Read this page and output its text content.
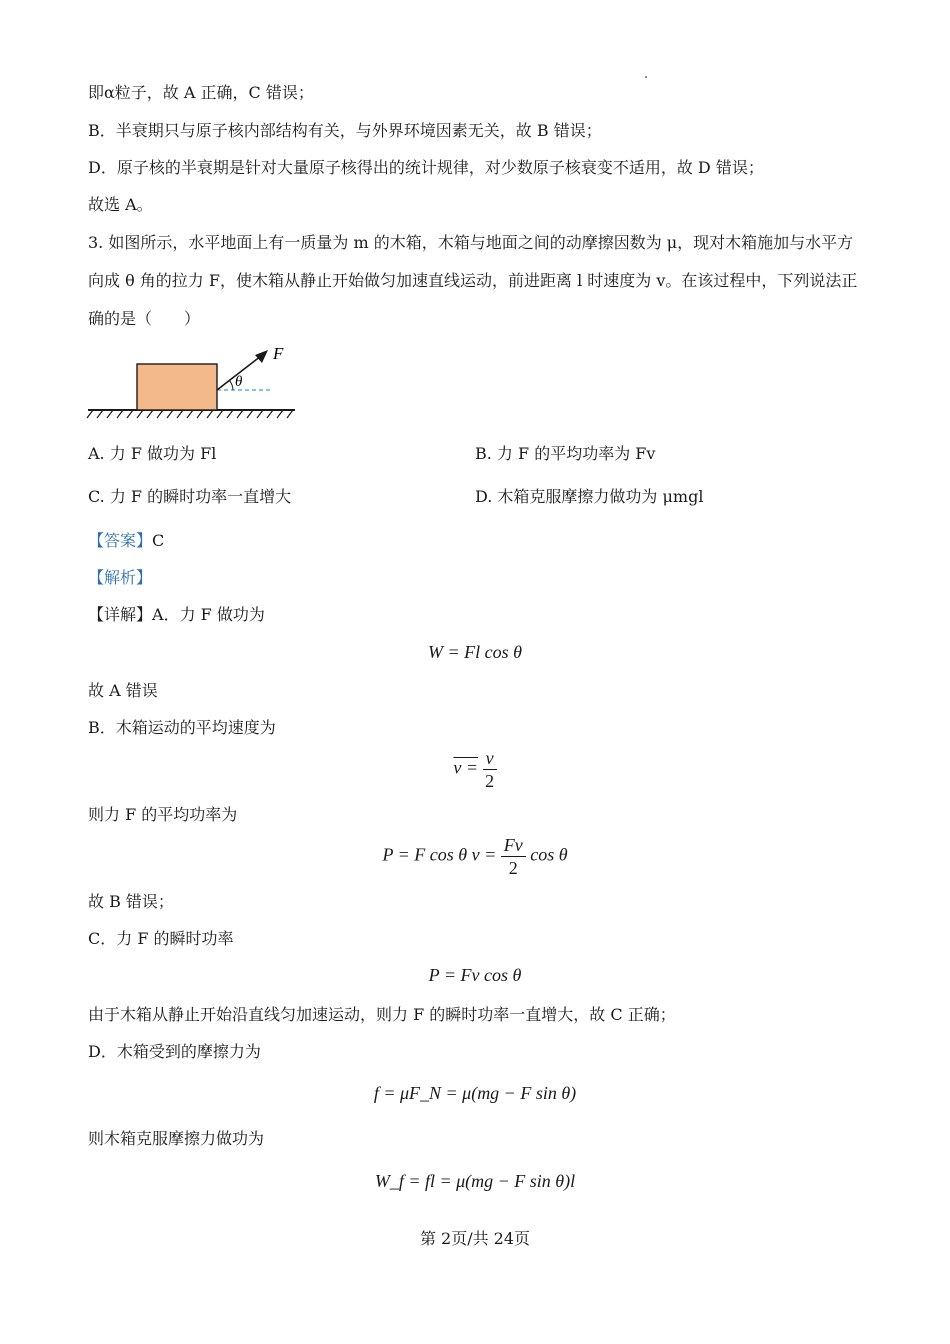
即α粒子，故 A 正确，C 错误；
B．半衰期只与原子核内部结构有关，与外界环境因素无关，故 B 错误；
D．原子核的半衰期是针对大量原子核得出的统计规律，对少数原子核衰变不适用，故 D 错误；
故选 A。
3. 如图所示，水平地面上有一质量为 m 的木箱，木箱与地面之间的动摩擦因数为 μ，现对木箱施加与水平方向成 θ 角的拉力 F，使木箱从静止开始做匀加速直线运动，前进距离 l 时速度为 v。在该过程中，下列说法正确的是（　　）
F
θ
A. 力 F 做功为 Fl	B. 力 F 的平均功率为 Fv
C. 力 F 的瞬时功率一直增大	D. 木箱克服摩擦力做功为 μmgl
【答案】C
【解析】
【详解】A．力 F 做功为
W = Fl cos θ
故 A 错误
B．木箱运动的平均速度为
$v = \frac{v}{2}$
则力 F 的平均功率为
P = F cos θ $v = \frac{Fv}{2}$ cos θ
故 B 错误；
C．力 F 的瞬时功率
P = Fv cos θ
由于木箱从静止开始沿直线匀加速运动，则力 F 的瞬时功率一直增大，故 C 正确；
D．木箱受到的摩擦力为
f = μF_N = μ(mg − F sin θ)
则木箱克服摩擦力做功为
W_f = fl = μ(mg − F sin θ)l
第 2页/共 24页
